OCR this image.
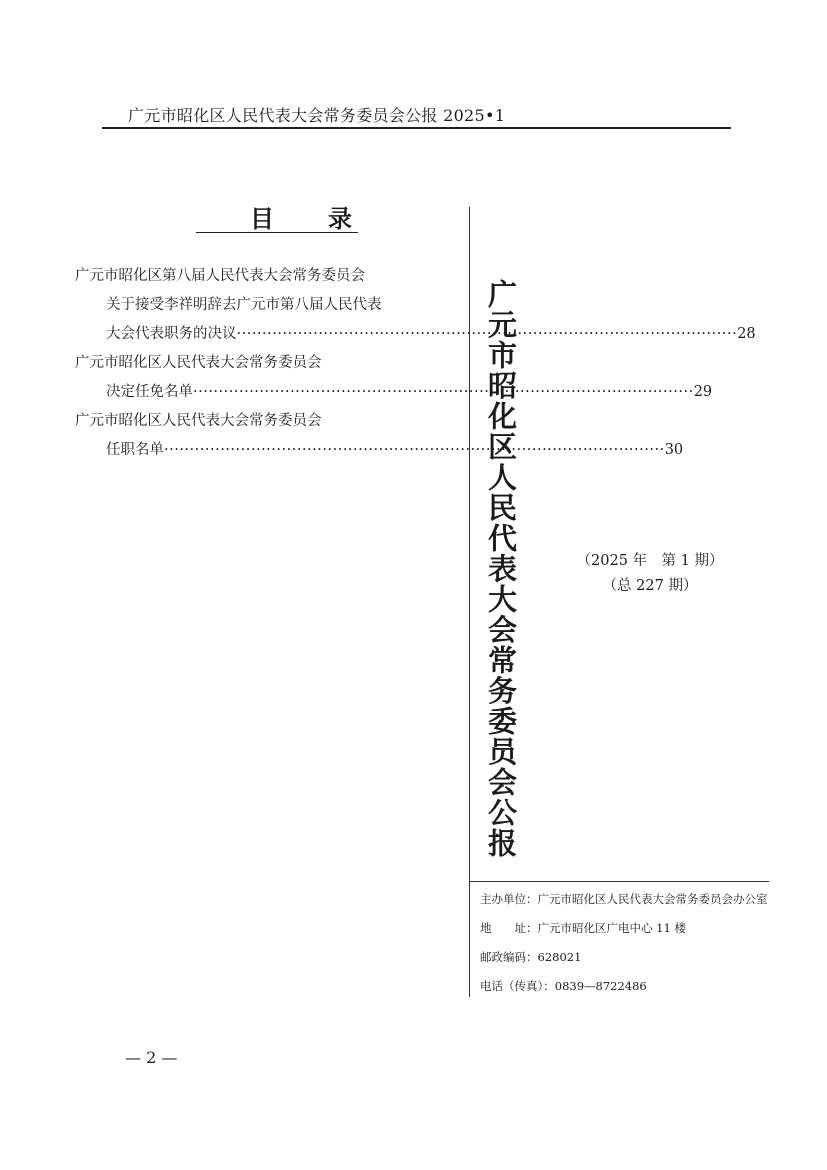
广元市昭化区人民代表大会常务委员会公报 2025•1
目录
广元市昭化区第八届人民代表大会常务委员会
关于接受李祥明辞去广元市第八届人民代表
大会代表职务的决议 ·································································································· 28
广元市昭化区人民代表大会常务委员会
决定任免名单 ·································································································· 29
广元市昭化区人民代表大会常务委员会
任职名单 ·································································································· 30
广元市昭化区人民代表大会常务委员会公报	（2025 年　第 1 期）
（总 227 期）
主办单位：广元市昭化区人民代表大会常务委员会办公室
地　　址：广元市昭化区广电中心 11 楼
邮政编码：628021
电话（传真）：0839—8722486
— 2 —
